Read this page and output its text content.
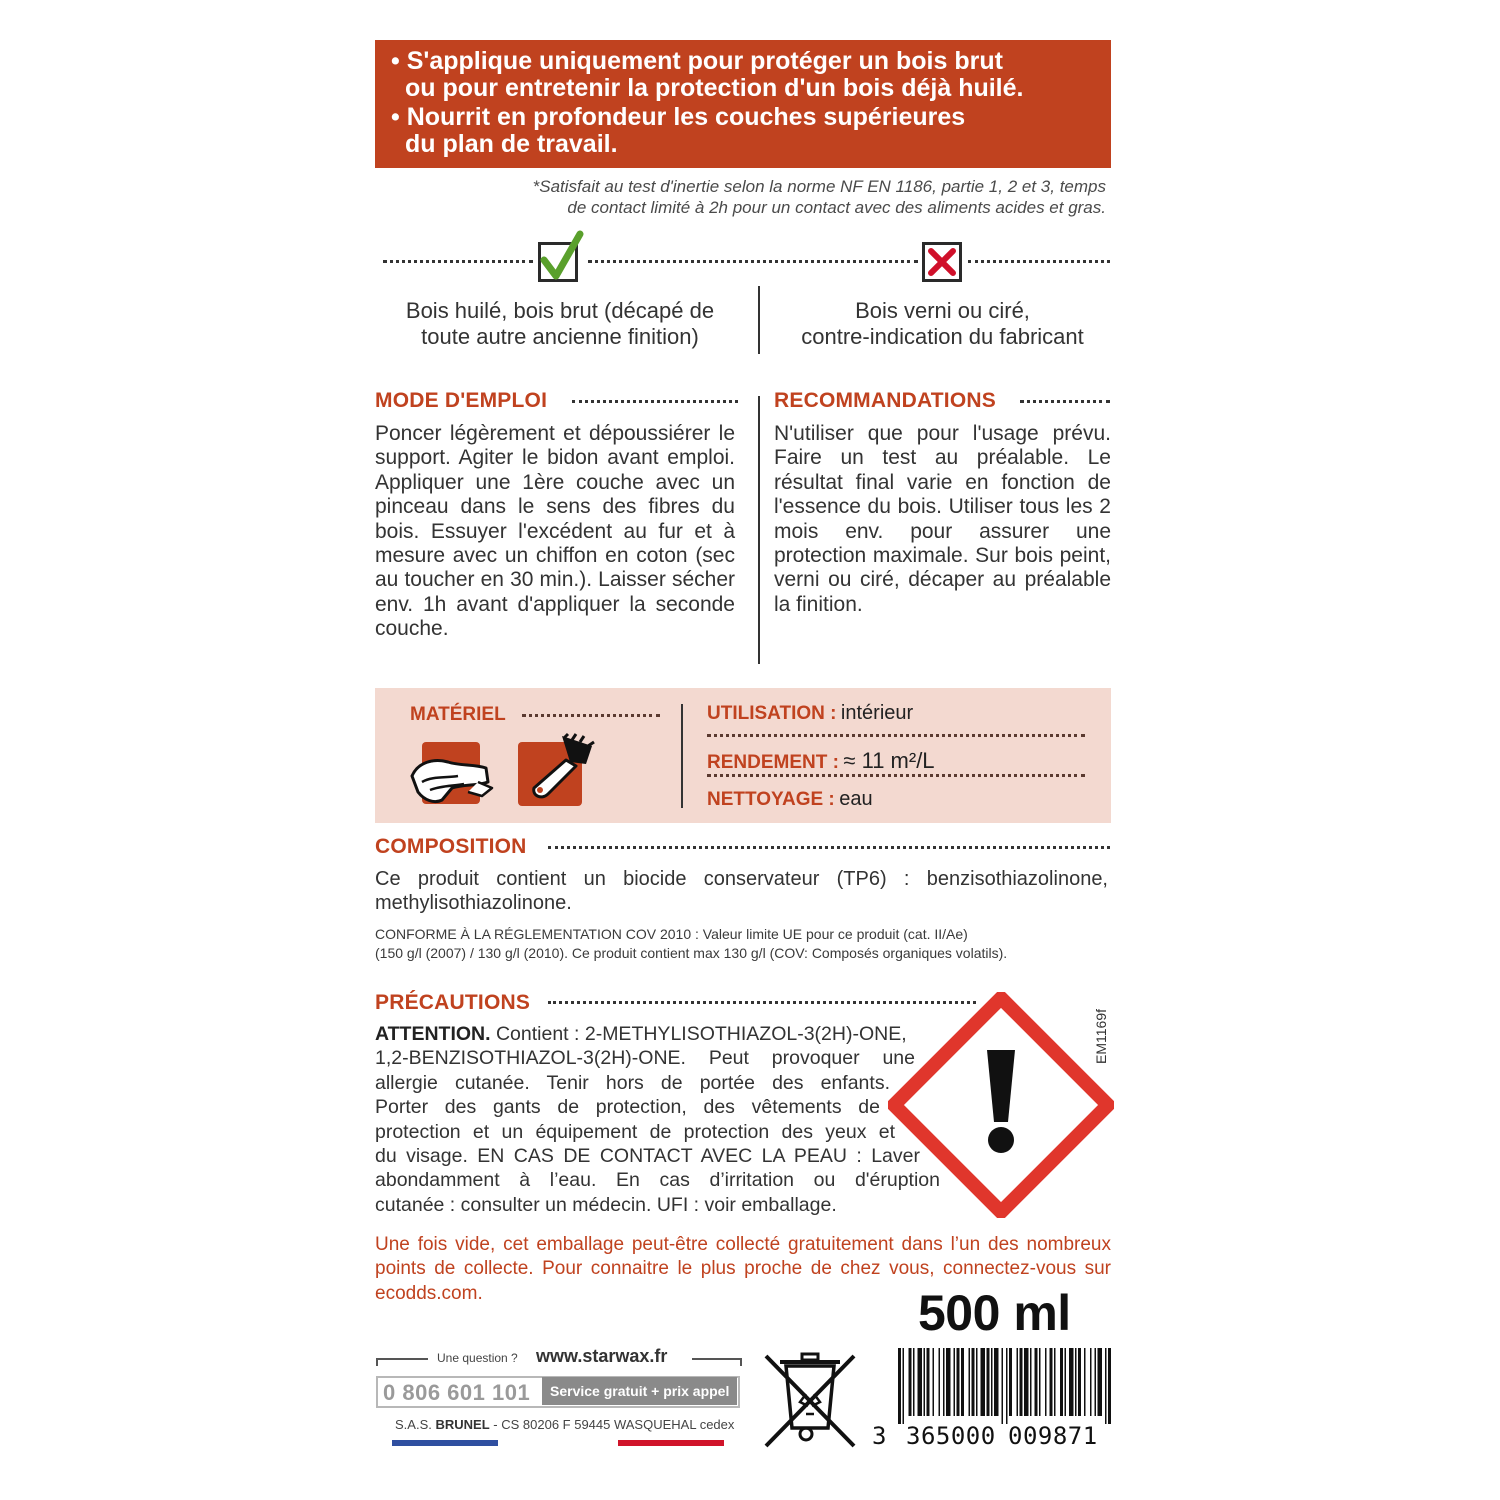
• S'applique uniquement pour protéger un bois brut
ou pour entretenir la protection d'un bois déjà huilé.
• Nourrit en profondeur les couches supérieures
du plan de travail.
*Satisfait au test d'inertie selon la norme NF EN 1186, partie 1, 2 et 3, temps
de contact limité à 2h pour un contact avec des aliments acides et gras.
Bois huilé, bois brut (décapé de
toute autre ancienne finition)
Bois verni ou ciré,
contre-indication du fabricant
MODE D'EMPLOI
Poncer légèrement et dépoussiérer le support. Agiter le bidon avant emploi. Appliquer une 1ère couche avec un pinceau dans le sens des fibres du bois. Essuyer l'excédent au fur et à mesure avec un chiffon en coton (sec au toucher en 30 min.). Laisser sécher env. 1h avant d'appliquer la seconde couche.
RECOMMANDATIONS
N'utiliser que pour l'usage prévu. Faire un test au préalable. Le résultat final varie en fonction de l'essence du bois. Utiliser tous les 2 mois env. pour assurer une protection maximale. Sur bois peint, verni ou ciré, décaper au préalable la finition.
MATÉRIEL	UTILISATION : intérieur
RENDEMENT : ≈ 11 m²/L
NETTOYAGE : eau
COMPOSITION
Ce produit contient un biocide conservateur (TP6) : benzisothiazolinone, methylisothiazolinone.
CONFORME À LA RÉGLEMENTATION COV 2010 : Valeur limite UE pour ce produit (cat. II/Ae)
(150 g/l (2007) / 130 g/l (2010). Ce produit contient max 130 g/l (COV: Composés organiques volatils).
PRÉCAUTIONS
ATTENTION. Contient : 2-METHYLISOTHIAZOL-3(2H)-ONE,
1,2-BENZISOTHIAZOL-3(2H)-ONE. Peut provoquer une
allergie cutanée. Tenir hors de portée des enfants.
Porter des gants de protection, des vêtements de
protection et un équipement de protection des yeux et
du visage. EN CAS DE CONTACT AVEC LA PEAU : Laver
abondamment à l’eau. En cas d’irritation ou d'éruption
cutanée : consulter un médecin. UFI : voir emballage.
EM1169f
Une fois vide, cet emballage peut-être collecté gratuitement dans l’un des nombreux points de collecte. Pour connaitre le plus proche de chez vous, connectez-vous sur ecodds.com.	500 ml
Une question ? www.starwax.fr
0 806 601 101	Service gratuit + prix appel
S.A.S. BRUNEL - CS 80206 F 59445 WASQUEHAL cedex	3 365000 009871
